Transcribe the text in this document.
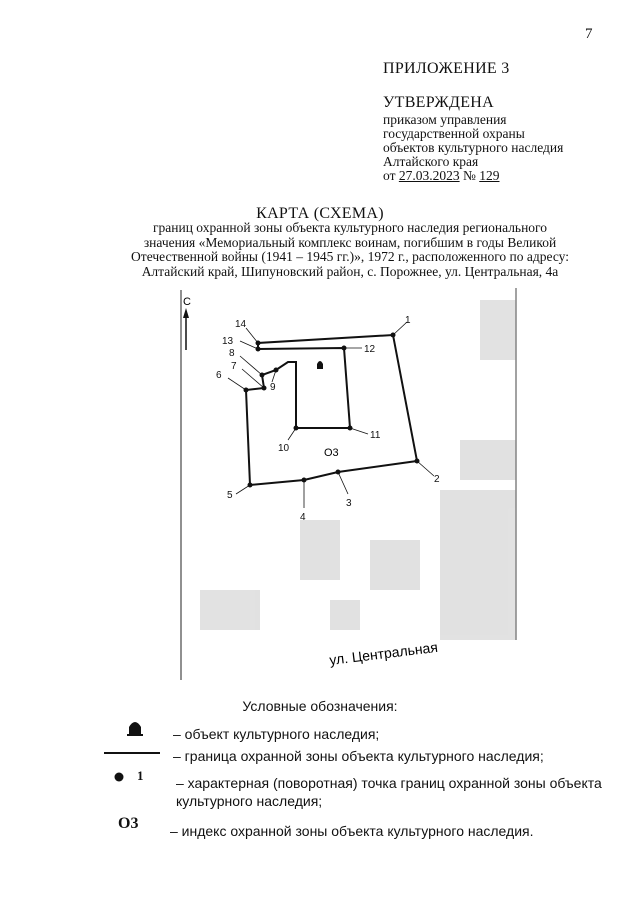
7
ПРИЛОЖЕНИЕ 3
УТВЕРЖДЕНА
приказом управления
государственной охраны
объектов культурного наследия
Алтайского края
от 27.03.2023 № 129
КАРТА (СХЕМА)
границ охранной зоны объекта культурного наследия регионального
значения «Мемориальный комплекс воинам, погибшим в годы Великой
Отечественной войны (1941 – 1945 гг.)», 1972 г., расположенного по адресу:
Алтайский край, Шипуновский район, с. Порожнее, ул. Центральная, 4а
С
1
2
3
4
5
6
7
8
9
10
11
12
13
14
О3
ул. Центральная
Условные обозначения:
– объект культурного наследия;
– граница охранной зоны объекта культурного наследия;
1 – характерная (поворотная) точка границ охранной зоны объекта
культурного наследия;
О3 – индекс охранной зоны объекта культурного наследия.
